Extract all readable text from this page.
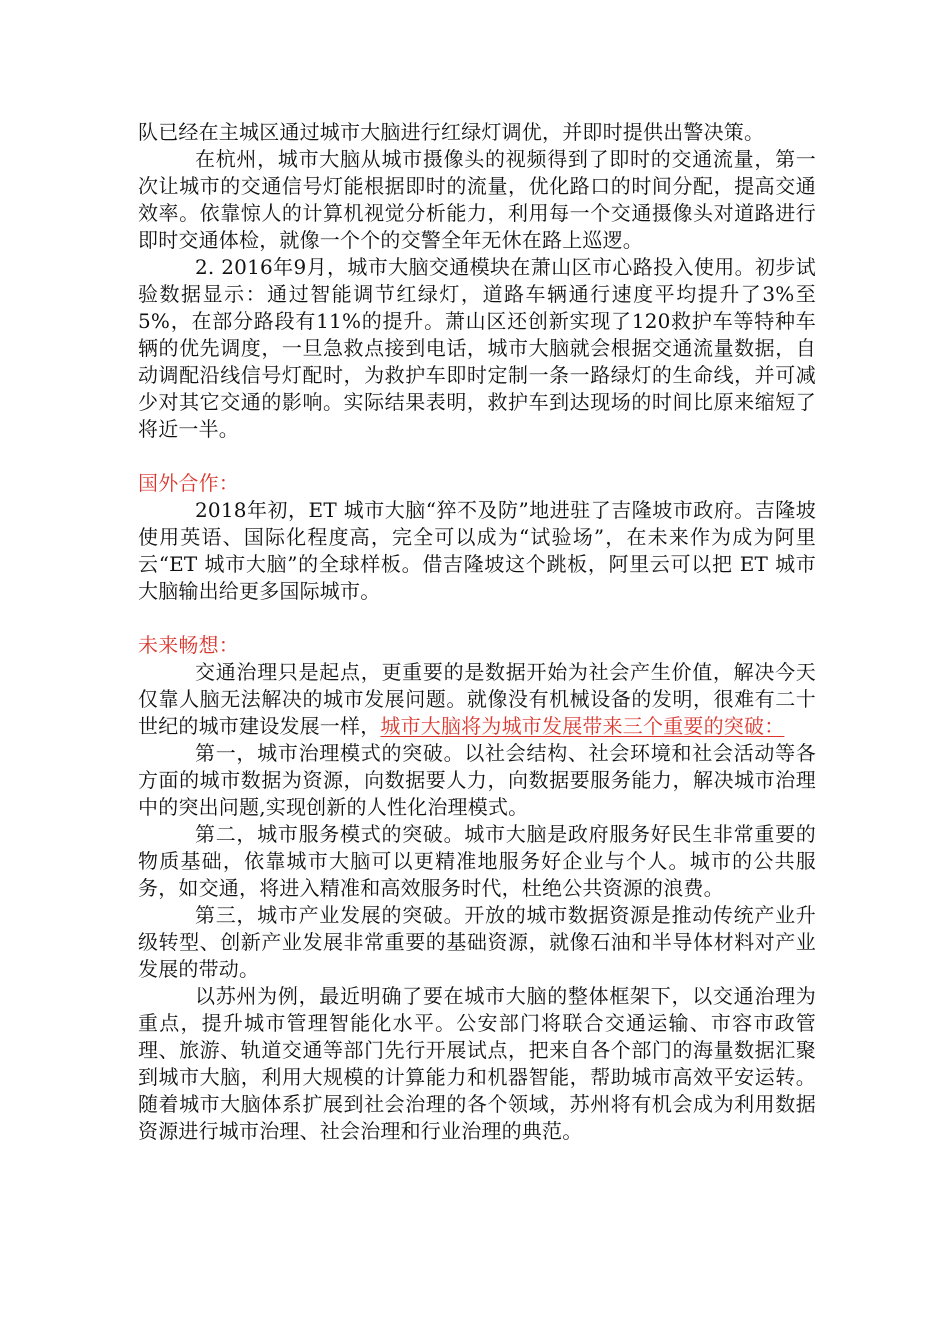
队已经在主城区通过城市大脑进行红绿灯调优，并即时提供出警决策。

在杭州，城市大脑从城市摄像头的视频得到了即时的交通流量，第一次让城市的交通信号灯能根据即时的流量，优化路口的时间分配，提高交通效率。依靠惊人的计算机视觉分析能力，利用每一个交通摄像头对道路进行即时交通体检，就像一个个的交警全年无休在路上巡逻。

2. 2016年9月，城市大脑交通模块在萧山区市心路投入使用。初步试验数据显示：通过智能调节红绿灯，道路车辆通行速度平均提升了3%至5%，在部分路段有11%的提升。萧山区还创新实现了120救护车等特种车辆的优先调度，一旦急救点接到电话，城市大脑就会根据交通流量数据，自动调配沿线信号灯配时，为救护车即时定制一条一路绿灯的生命线，并可减少对其它交通的影响。实际结果表明，救护车到达现场的时间比原来缩短了将近一半。

国外合作：

2018年初，ET 城市大脑“猝不及防”地进驻了吉隆坡市政府。吉隆坡使用英语、国际化程度高，完全可以成为“试验场”，在未来作为成为阿里云“ET 城市大脑”的全球样板。借吉隆坡这个跳板，阿里云可以把 ET 城市大脑输出给更多国际城市。

未来畅想：

交通治理只是起点，更重要的是数据开始为社会产生价值，解决今天仅靠人脑无法解决的城市发展问题。就像没有机械设备的发明，很难有二十世纪的城市建设发展一样，城市大脑将为城市发展带来三个重要的突破：

第一，城市治理模式的突破。以社会结构、社会环境和社会活动等各方面的城市数据为资源，向数据要人力，向数据要服务能力，解决城市治理中的突出问题,实现创新的人性化治理模式。

第二，城市服务模式的突破。城市大脑是政府服务好民生非常重要的物质基础，依靠城市大脑可以更精准地服务好企业与个人。城市的公共服务，如交通，将进入精准和高效服务时代，杜绝公共资源的浪费。

第三，城市产业发展的突破。开放的城市数据资源是推动传统产业升级转型、创新产业发展非常重要的基础资源，就像石油和半导体材料对产业发展的带动。

以苏州为例，最近明确了要在城市大脑的整体框架下，以交通治理为重点，提升城市管理智能化水平。公安部门将联合交通运输、市容市政管理、旅游、轨道交通等部门先行开展试点，把来自各个部门的海量数据汇聚到城市大脑，利用大规模的计算能力和机器智能，帮助城市高效平安运转。随着城市大脑体系扩展到社会治理的各个领域，苏州将有机会成为利用数据资源进行城市治理、社会治理和行业治理的典范。
